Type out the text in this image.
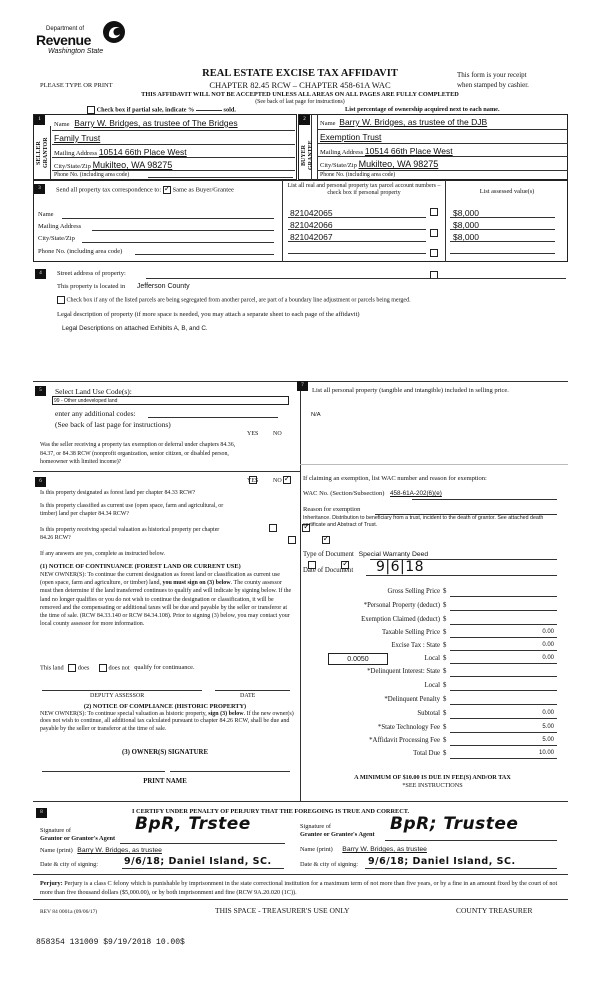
Department of
Revenue
Washington State
REAL ESTATE EXCISE TAX AFFIDAVIT
CHAPTER 82.45 RCW – CHAPTER 458-61A WAC
PLEASE TYPE OR PRINT
This form is your receipt
when stamped by cashier.
THIS AFFIDAVIT WILL NOT BE ACCEPTED UNLESS ALL AREAS ON ALL PAGES ARE FULLY COMPLETED
(See back of last page for instructions)
Check box if partial sale, indicate %	sold.	List percentage of ownership acquired next to each name.
1
SELLER
GRANTOR
Name Barry W. Bridges, as trustee of The Bridges
Family Trust
Mailing Address 10514 66th Place West
City/State/Zip Mukilteo, WA 98275
Phone No. (including area code)
2
BUYER
GRANTEE
Name Barry W. Bridges, as trustee of the DJB
Exemption Trust
Mailing Address 10514 66th Place West
City/State/Zip Mukilteo, WA 98275
Phone No. (including area code)
3	Send all property tax correspondence to: ✓ Same as Buyer/Grantee
Name
Mailing Address
City/State/Zip
Phone No. (including area code)
List all real and personal property tax parcel account numbers – check box if personal property	List assessed value(s)
821042065	$8,000
821042066	$8,000
821042067	$8,000
4	Street address of property:
This property is located in Jefferson County
Check box if any of the listed parcels are being segregated from another parcel, are part of a boundary line adjustment or parcels being merged.
Legal description of property (if more space is needed, you may attach a separate sheet to each page of the affidavit)
Legal Descriptions on attached Exhibits A, B, and C.
5	Select Land Use Code(s):
99 - Other undeveloped land
enter any additional codes:
(See back of last page for instructions)
YES NO
Was the seller receiving a property tax exemption or deferral under chapters 84.36, 84.37, or 84.38 RCW (nonprofit organization, senior citizen, or disabled person, homeowner with limited income)?
✓
6	YES NO
Is this property designated as forest land per chapter 84.33 RCW?
✓
Is this property classified as current use (open space, farm and agricultural, or timber) land per chapter 84.34 RCW?
✓
Is this property receiving special valuation as historical property per chapter 84.26 RCW?
✓
If any answers are yes, complete as instructed below.
(1) NOTICE OF CONTINUANCE (FOREST LAND OR CURRENT USE)
NEW OWNER(S): To continue the current designation as forest land or classification as current use (open space, farm and agriculture, or timber) land, you must sign on (3) below. The county assessor must then determine if the land transferred continues to qualify and will indicate by signing below. If the land no longer qualifies or you do not wish to continue the designation or classification, it will be removed and the compensating or additional taxes will be due and payable by the seller or transferor at the time of sale. (RCW 84.33.140 or RCW 84.34.108). Prior to signing (3) below, you may contact your local county assessor for more information.
This land does	does not qualify for continuance.
DEPUTY ASSESSOR	DATE
(2) NOTICE OF COMPLIANCE (HISTORIC PROPERTY)
NEW OWNER(S): To continue special valuation as historic property, sign (3) below. If the new owner(s) does not wish to continue, all additional tax calculated pursuant to chapter 84.26 RCW, shall be due and payable by the seller or transferor at the time of sale.
(3) OWNER(S) SIGNATURE
PRINT NAME
7
List all personal property (tangible and intangible) included in selling price.
N/A
If claiming an exemption, list WAC number and reason for exemption:
WAC No. (Section/Subsection) 458-61A-202(6)(e)
Reason for exemption
Inheritance. Distribution to beneficiary from a trust, incident to the death of grantor. See attached death certificate and Abstract of Trust.
Type of Document Special Warranty Deed
Date of Document 9|6|18
Gross Selling Price $
*Personal Property (deduct) $
Exemption Claimed (deduct) $
Taxable Selling Price $	0.00
Excise Tax : State $	0.00
0.0050	Local $	0.00
*Delinquent Interest: State $
Local $
*Delinquent Penalty $
Subtotal $	0.00
*State Technology Fee $	5.00
*Affidavit Processing Fee $	5.00
Total Due $	10.00
A MINIMUM OF $10.00 IS DUE IN FEE(S) AND/OR TAX
*SEE INSTRUCTIONS
8	I CERTIFY UNDER PENALTY OF PERJURY THAT THE FOREGOING IS TRUE AND CORRECT.
Signature of
Grantor or Grantor's Agent
BpR, Trstee
Name (print) Barry W. Bridges, as trustee
Date & city of signing:	9/6/18; Daniel Island, SC.
Signature of
Grantee or Grantee's Agent
BpR; Trustee
Name (print) Barry W. Bridges, as trustee
Date & city of signing: 9/6/18; Daniel Island, SC.
Perjury: Perjury is a class C felony which is punishable by imprisonment in the state correctional institution for a maximum term of not more than five years, or by a fine in an amount fixed by the court of not more than five thousand dollars ($5,000.00), or by both imprisonment and fine (RCW 9A.20.020 (1C)).
REV 84 0001a (09/06/17)	THIS SPACE - TREASURER'S USE ONLY	COUNTY TREASURER
858354 131009 $9/19/2018 10.00$
